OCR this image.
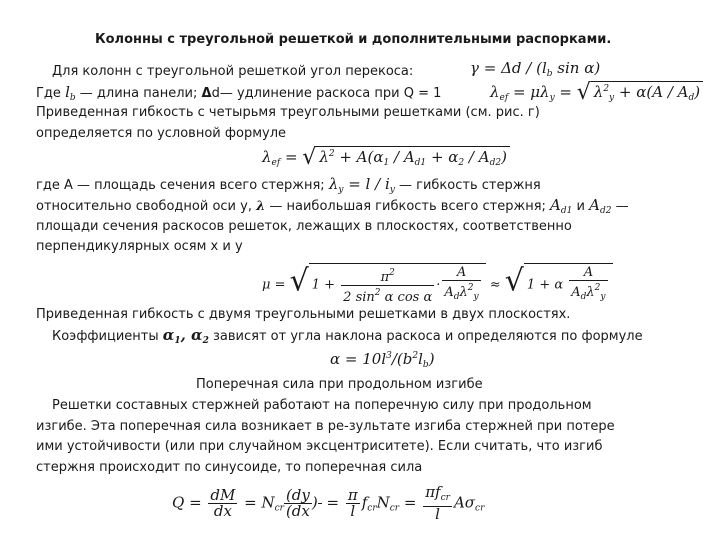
Колонны с треугольной решеткой и дополнительными распорками.
Для колонн с треугольной решеткой угол перекоса:	$\gamma = \Delta d / (l_b$ sin α)
Где $l_b$ — длина панели; Δd— удлинение раскоса при Q = 1	$\lambda_{ef} = \mu\lambda_y$ = √ $\lambda^2_y + \alpha(A / A_d)$
Приведенная гибкость с четырьмя треугольными решетками (см. рис. г)
определяется по условной формуле
$\lambda_{ef}$ = √ $\lambda^2 + A(\alpha_1 / A_{d1} + \alpha_2 / A_{d2})$
где A — площадь сечения всего стержня; $\lambda_y = l / i_y$ — гибкость стержня
относительно свободной оси у, λ — наибольшая гибкость всего стержня; $A_{d1}$ и $A_{d2}$ —
площади сечения раскосов решеток, лежащих в плоскостях, соответственно
перпендикулярных осям х и у
μ = √ $1 + \frac{\pi^2}{2 \sin^2 \alpha \cos \alpha} \cdot \frac{A}{A_d\lambda^2_y}$ ≈ √ 1 + α $\frac{A}{A_d\lambda^2_y}$
Приведенная гибкость с двумя треугольными решетками в двух плоскостях.
Коэффициенты $\alpha_1$, $\alpha_2$ зависят от угла наклона раскоса и определяются по формуле
$\alpha = 10l^3/(b^2l_b)$
Поперечная сила при продольном изгибе
Решетки составных стержней работают на поперечную силу при продольном
изгибе. Эта поперечная сила возникает в ре-зультате изгиба стержней при потере
ими устойчивости (или при случайном эксцентриситете). Если считать, что изгиб
стержня происходит по синусоиде, то поперечная сила
$Q = \frac{dM}{dx} = N_{cr} \frac{(dy}{(dx}$ )
= $\frac{\pi}{l} f_{cr}N_{cr} = \frac{\pi f_{cr}}{l} A\sigma_{cr}$
